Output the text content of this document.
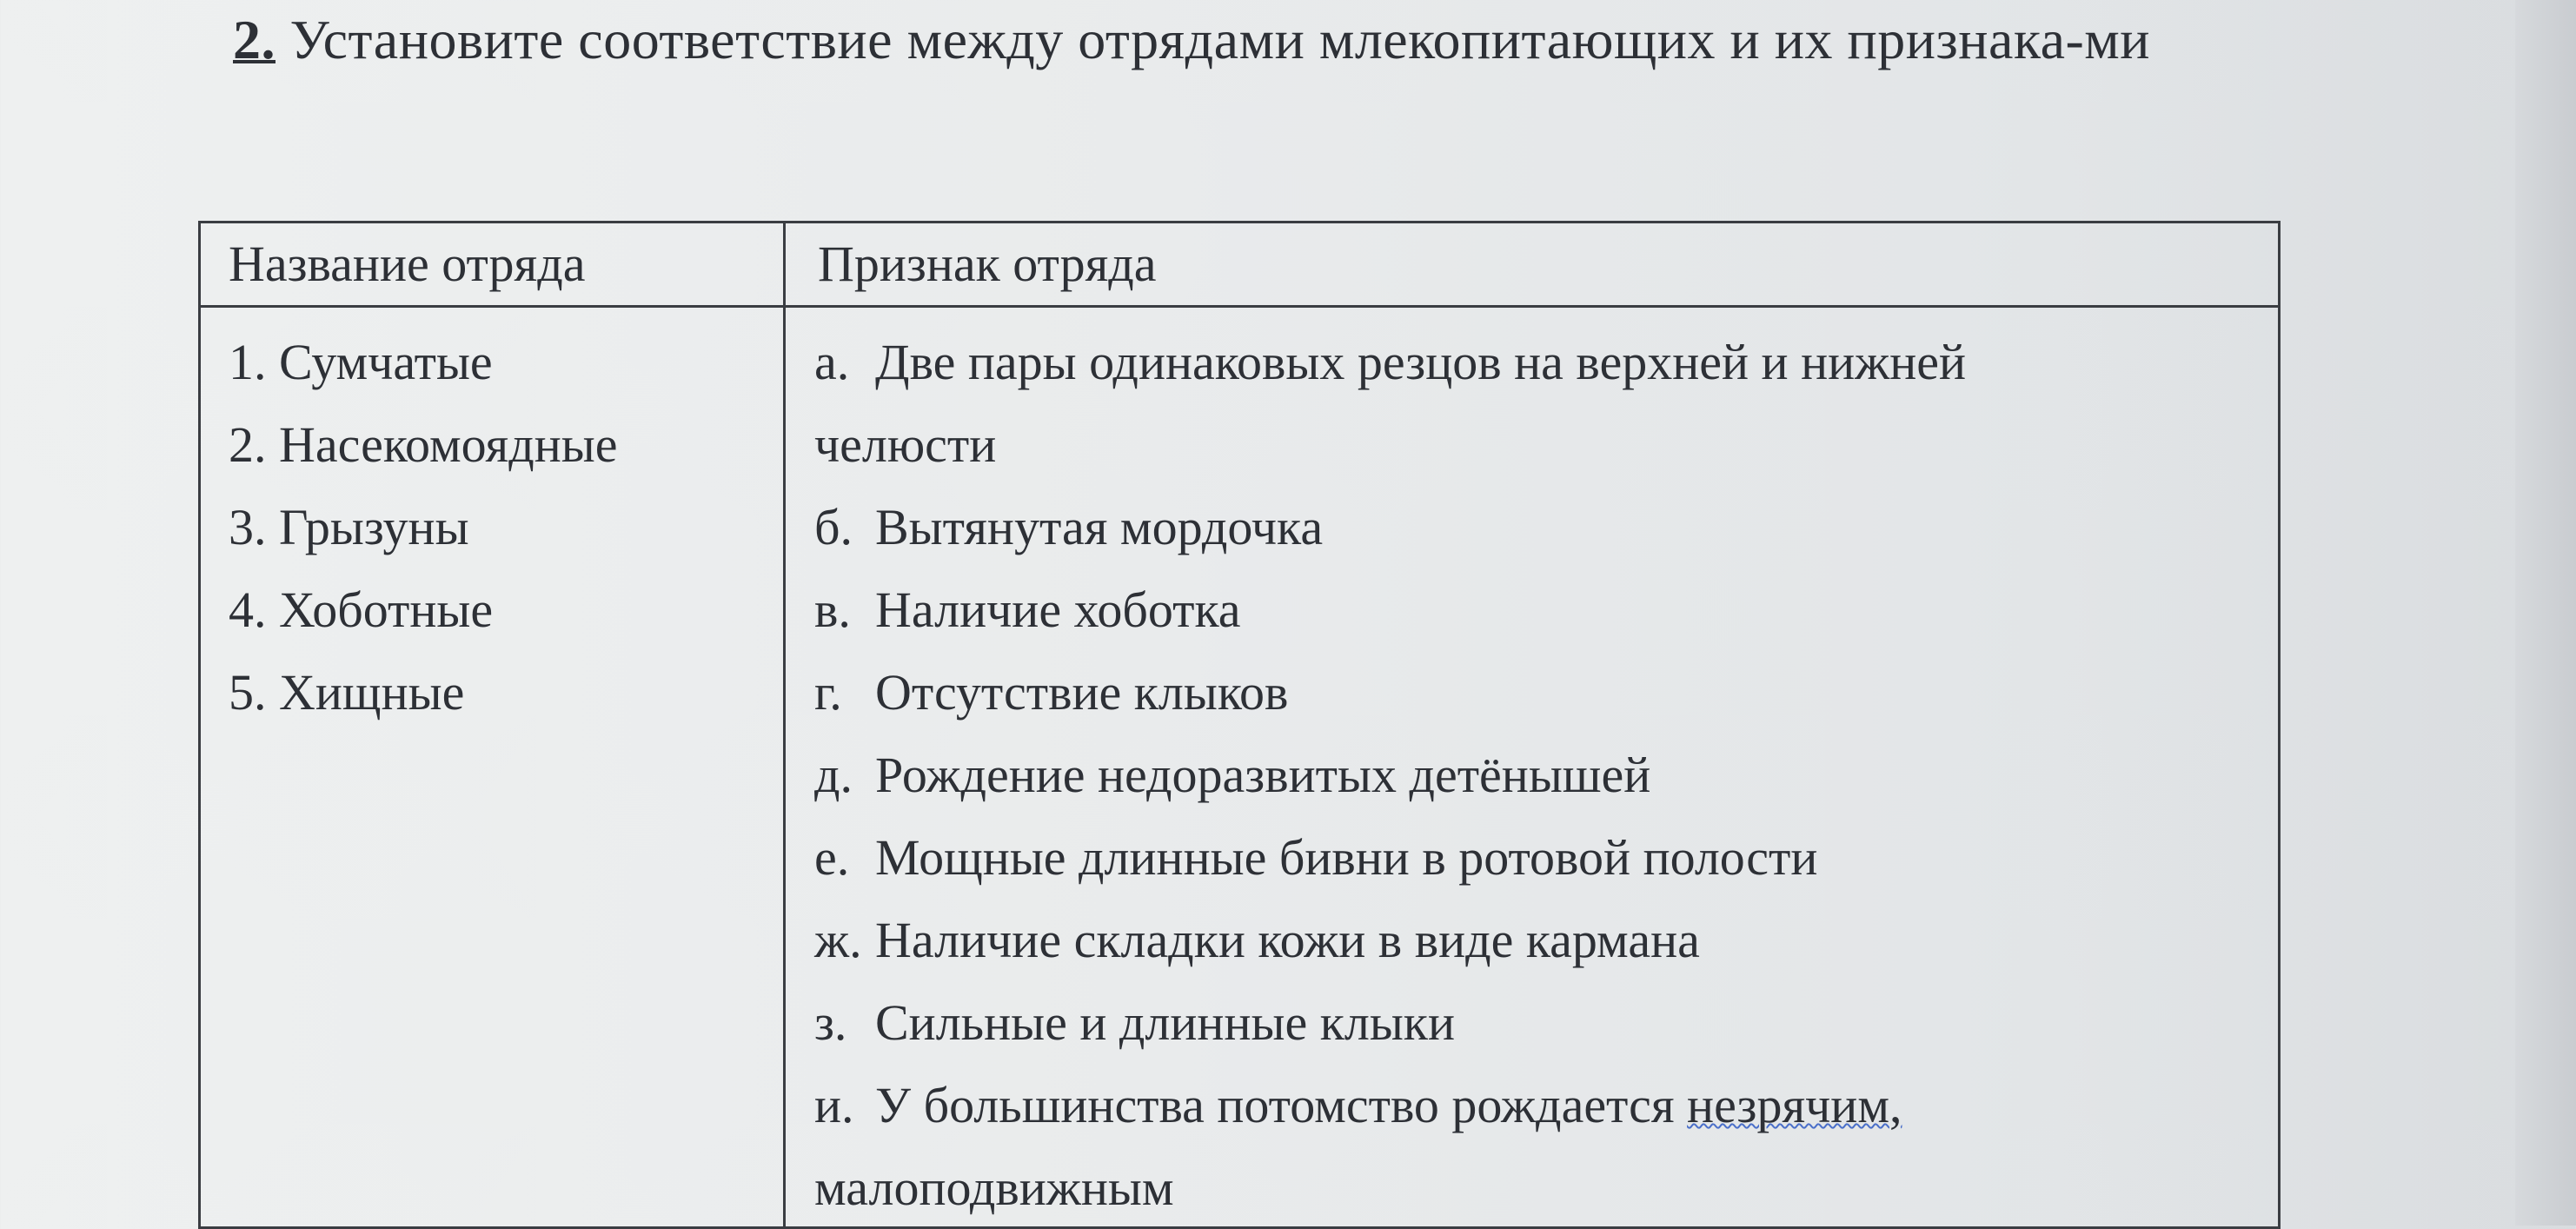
2. Установите соответствие между отрядами млекопитающих и их признака-ми

Название отряда	Признак отряда
1. Сумчатые
2. Насекомоядные
3. Грызуны
4. Хоботные
5. Хищные
а. Две пары одинаковых резцов на верхней и нижней
челюсти
б. Вытянутая мордочка
в. Наличие хоботка
г. Отсутствие клыков
д. Рождение недоразвитых детёнышей
е. Мощные длинные бивни в ротовой полости
ж. Наличие складки кожи в виде кармана
з. Сильные и длинные клыки
и. У большинства потомство рождается незрячим,
малоподвижным
